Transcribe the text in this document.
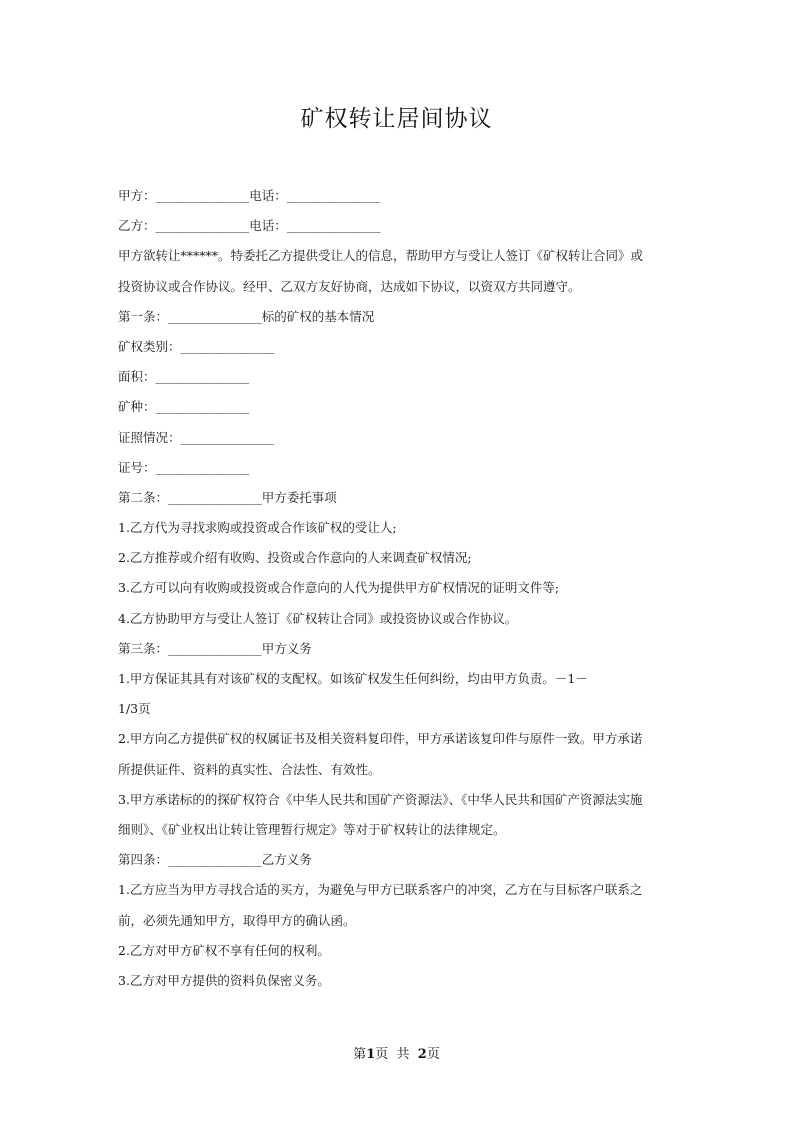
矿权转让居间协议
甲方：_______________电话：_______________
乙方：_______________电话：_______________
甲方欲转让******。特委托乙方提供受让人的信息，帮助甲方与受让人签订《矿权转让合同》或
投资协议或合作协议。经甲、乙双方友好协商，达成如下协议，以资双方共同遵守。
第一条：_______________标的矿权的基本情况
矿权类别：_______________
面积：_______________
矿种：_______________
证照情况：_______________
证号：_______________
第二条：_______________甲方委托事项
1.乙方代为寻找求购或投资或合作该矿权的受让人;
2.乙方推荐或介绍有收购、投资或合作意向的人来调查矿权情况;
3.乙方可以向有收购或投资或合作意向的人代为提供甲方矿权情况的证明文件等;
4.乙方协助甲方与受让人签订《矿权转让合同》或投资协议或合作协议。
第三条：_______________甲方义务
1.甲方保证其具有对该矿权的支配权。如该矿权发生任何纠纷，均由甲方负责。－1－
1/3页
2.甲方向乙方提供矿权的权属证书及相关资料复印件，甲方承诺该复印件与原件一致。甲方承诺
所提供证件、资料的真实性、合法性、有效性。
3.甲方承诺标的的探矿权符合《中华人民共和国矿产资源法》、《中华人民共和国矿产资源法实施
细则》、《矿业权出让转让管理暂行规定》等对于矿权转让的法律规定。
第四条：_______________乙方义务
1.乙方应当为甲方寻找合适的买方，为避免与甲方已联系客户的冲突，乙方在与目标客户联系之
前，必须先通知甲方，取得甲方的确认函。
2.乙方对甲方矿权不享有任何的权利。
3.乙方对甲方提供的资料负保密义务。
第1页  共  2页
